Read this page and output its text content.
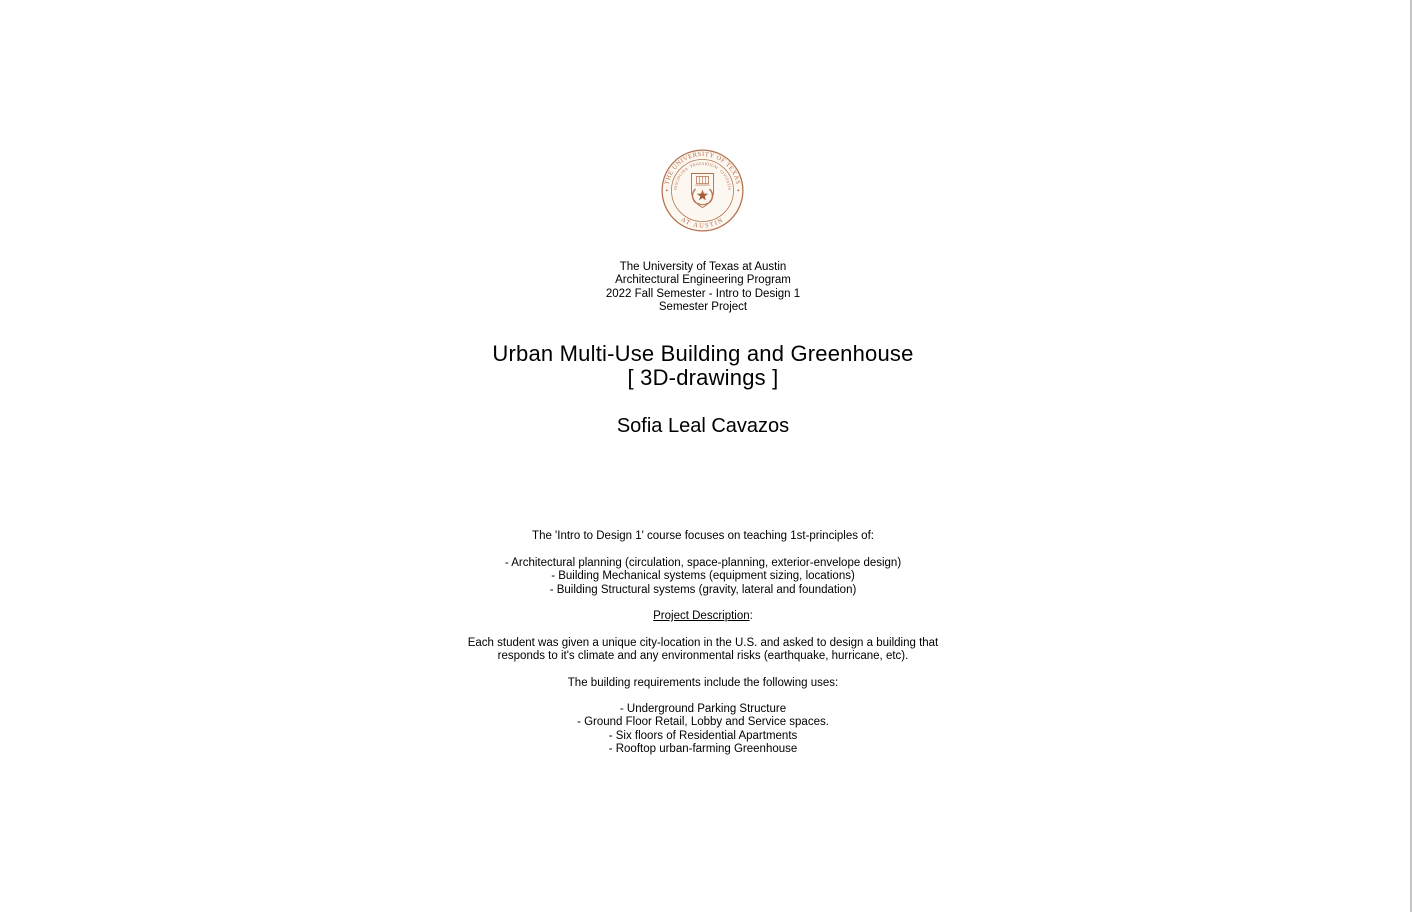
THE UNIVERSITY OF TEXAS
AT AUSTIN
DISCIPLINA PRAESIDIUM CIVITATIS
✦	✦
The University of Texas at Austin
Architectural Engineering Program
2022 Fall Semester - Intro to Design 1
Semester Project
Urban Multi-Use Building and Greenhouse
[ 3D-drawings ]
Sofia Leal Cavazos
The 'Intro to Design 1' course focuses on teaching 1st-principles of:
- Architectural planning (circulation, space-planning, exterior-envelope design)
- Building Mechanical systems (equipment sizing, locations)
- Building Structural systems (gravity, lateral and foundation)
Project Description:
Each student was given a unique city-location in the U.S. and asked to design a building that
responds to it's climate and any environmental risks (earthquake, hurricane, etc).
The building requirements include the following uses:
- Underground Parking Structure
- Ground Floor Retail, Lobby and Service spaces.
- Six floors of Residential Apartments
- Rooftop urban-farming Greenhouse
